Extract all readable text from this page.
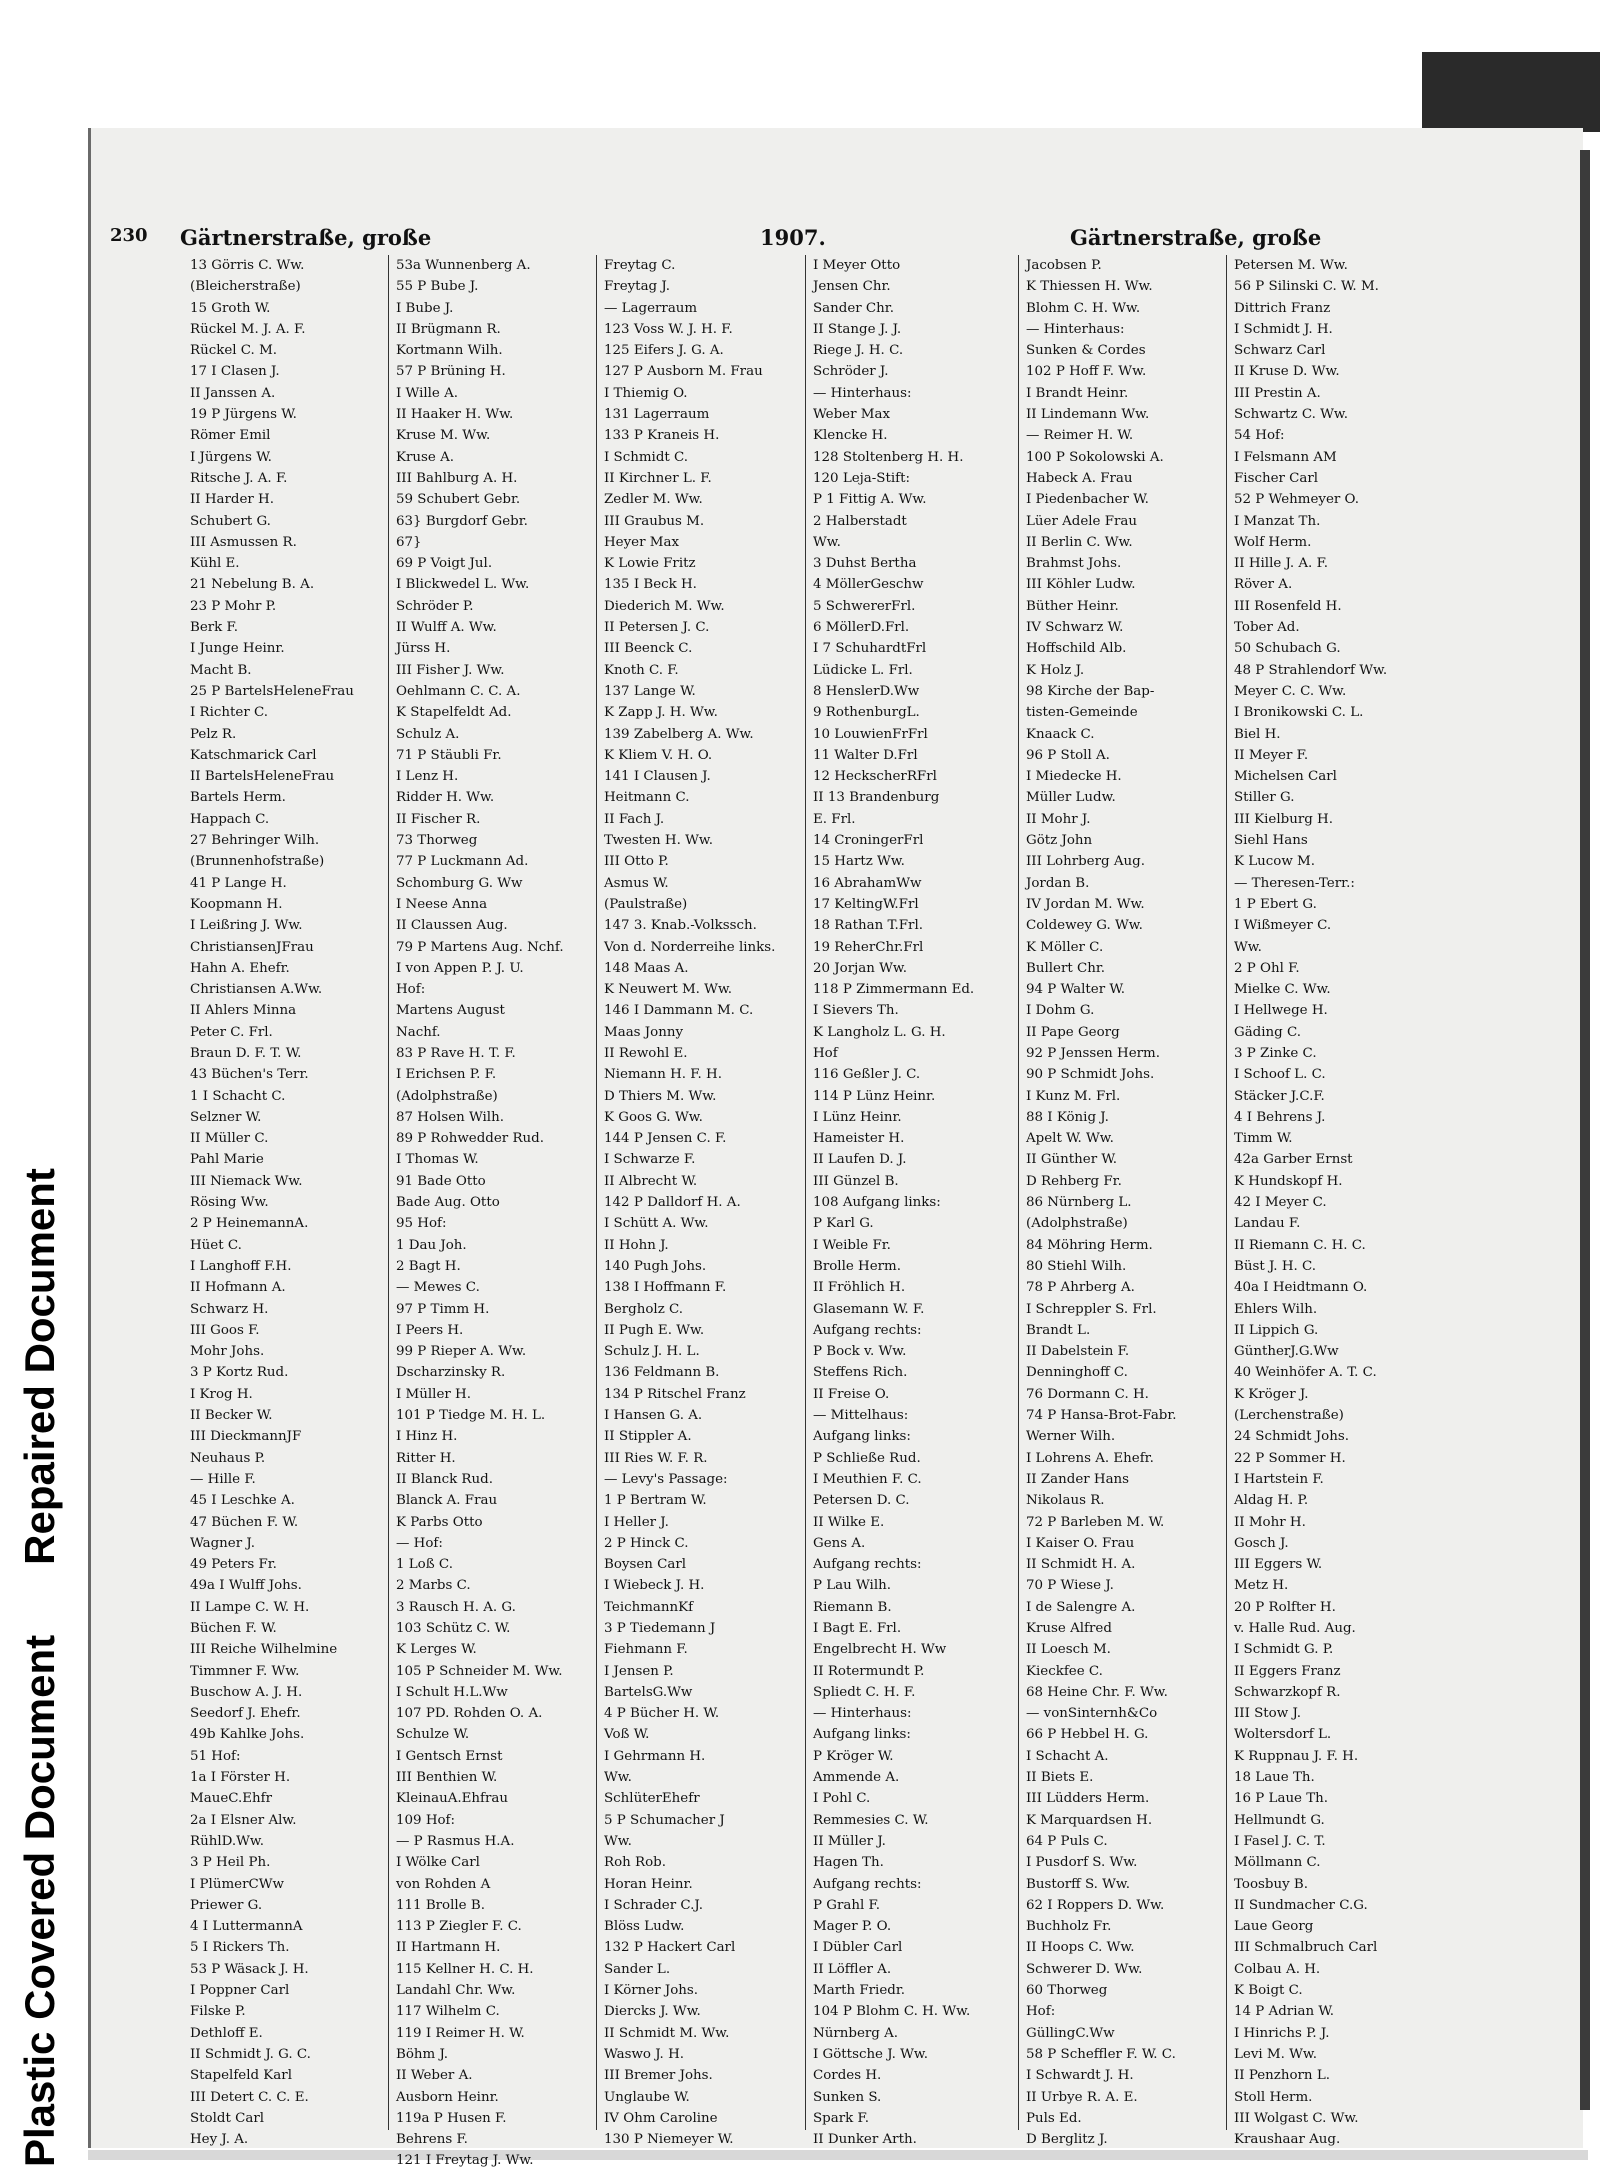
Plastic Covered Document
Repaired Document
230 Gärtnerstraße, große	1907.	Gärtnerstraße, große
13 Görris C. Ww.
(Bleicherstraße)
15 Groth W.
Rückel M. J. A. F.
Rückel C. M.
17 I Clasen J.
II Janssen A.
19 P Jürgens W.
Römer Emil
I Jürgens W.
Ritsche J. A. F.
II Harder H.
Schubert G.
III Asmussen R.
Kühl E.
21 Nebelung B. A.
23 P Mohr P.
Berk F.
I Junge Heinr.
Macht B.
25 P BartelsHeleneFrau
I Richter C.
Pelz R.
Katschmarick Carl
II BartelsHeleneFrau
Bartels Herm.
Happach C.
27 Behringer Wilh.
(Brunnenhofstraße)
41 P Lange H.
Koopmann H.
I Leißring J. Ww.
ChristiansenJFrau
Hahn A. Ehefr.
Christiansen A.Ww.
II Ahlers Minna
Peter C. Frl.
Braun D. F. T. W.
43 Büchen's Terr.
1 I Schacht C.
Selzner W.
II Müller C.
Pahl Marie
III Niemack Ww.
Rösing Ww.
2 P HeinemannA.
Hüet C.
I Langhoff F.H.
II Hofmann A.
Schwarz H.
III Goos F.
Mohr Johs.
3 P Kortz Rud.
I Krog H.
II Becker W.
III DieckmannJF
Neuhaus P.
— Hille F.
45 I Leschke A.
47 Büchen F. W.
Wagner J.
49 Peters Fr.
49a I Wulff Johs.
II Lampe C. W. H.
Büchen F. W.
III Reiche Wilhelmine
Timmner F. Ww.
Buschow A. J. H.
Seedorf J. Ehefr.
49b Kahlke Johs.
51 Hof:
1a I Förster H.
MaueC.Ehfr
2a I Elsner Alw.
RühlD.Ww.
3 P Heil Ph.
I PlümerCWw
Priewer G.
4 I LuttermannA
5 I Rickers Th.
53 P Wäsack J. H.
I Poppner Carl
Filske P.
Dethloff E.
II Schmidt J. G. C.
Stapelfeld Karl
III Detert C. C. E.
Stoldt Carl
Hey J. A.
53a Wunnenberg A.
55 P Bube J.
I Bube J.
II Brügmann R.
Kortmann Wilh.
57 P Brüning H.
I Wille A.
II Haaker H. Ww.
Kruse M. Ww.
Kruse A.
III Bahlburg A. H.
59 Schubert Gebr.
63} Burgdorf Gebr.
67}
69 P Voigt Jul.
I Blickwedel L. Ww.
Schröder P.
II Wulff A. Ww.
Jürss H.
III Fisher J. Ww.
Oehlmann C. C. A.
K Stapelfeldt Ad.
Schulz A.
71 P Stäubli Fr.
I Lenz H.
Ridder H. Ww.
II Fischer R.
73 Thorweg
77 P Luckmann Ad.
Schomburg G. Ww
I Neese Anna
II Claussen Aug.
79 P Martens Aug. Nchf.
I von Appen P. J. U.
Hof:
Martens August
Nachf.
83 P Rave H. T. F.
I Erichsen P. F.
(Adolphstraße)
87 Holsen Wilh.
89 P Rohwedder Rud.
I Thomas W.
91 Bade Otto
Bade Aug. Otto
95 Hof:
1 Dau Joh.
2 Bagt H.
— Mewes C.
97 P Timm H.
I Peers H.
99 P Rieper A. Ww.
Dscharzinsky R.
I Müller H.
101 P Tiedge M. H. L.
I Hinz H.
Ritter H.
II Blanck Rud.
Blanck A. Frau
K Parbs Otto
— Hof:
1 Loß C.
2 Marbs C.
3 Rausch H. A. G.
103 Schütz C. W.
K Lerges W.
105 P Schneider M. Ww.
I Schult H.L.Ww
107 PD. Rohden O. A.
Schulze W.
I Gentsch Ernst
III Benthien W.
KleinauA.Ehfrau
109 Hof:
— P Rasmus H.A.
I Wölke Carl
von Rohden A
111 Brolle B.
113 P Ziegler F. C.
II Hartmann H.
115 Kellner H. C. H.
Landahl Chr. Ww.
117 Wilhelm C.
119 I Reimer H. W.
Böhm J.
II Weber A.
Ausborn Heinr.
119a P Husen F.
Behrens F.
121 I Freytag J. Ww.
Freytag C.
Freytag J.
— Lagerraum
123 Voss W. J. H. F.
125 Eifers J. G. A.
127 P Ausborn M. Frau
I Thiemig O.
131 Lagerraum
133 P Kraneis H.
I Schmidt C.
II Kirchner L. F.
Zedler M. Ww.
III Graubus M.
Heyer Max
K Lowie Fritz
135 I Beck H.
Diederich M. Ww.
II Petersen J. C.
III Beenck C.
Knoth C. F.
137 Lange W.
K Zapp J. H. Ww.
139 Zabelberg A. Ww.
K Kliem V. H. O.
141 I Clausen J.
Heitmann C.
II Fach J.
Twesten H. Ww.
III Otto P.
Asmus W.
(Paulstraße)
147 3. Knab.-Volkssch.
Von d. Norderreihe links.
148 Maas A.
K Neuwert M. Ww.
146 I Dammann M. C.
Maas Jonny
II Rewohl E.
Niemann H. F. H.
D Thiers M. Ww.
K Goos G. Ww.
144 P Jensen C. F.
I Schwarze F.
II Albrecht W.
142 P Dalldorf H. A.
I Schütt A. Ww.
II Hohn J.
140 Pugh Johs.
138 I Hoffmann F.
Bergholz C.
II Pugh E. Ww.
Schulz J. H. L.
136 Feldmann B.
134 P Ritschel Franz
I Hansen G. A.
II Stippler A.
III Ries W. F. R.
— Levy's Passage:
1 P Bertram W.
I Heller J.
2 P Hinck C.
Boysen Carl
I Wiebeck J. H.
TeichmannKf
3 P Tiedemann J
Fiehmann F.
I Jensen P.
BartelsG.Ww
4 P Bücher H. W.
Voß W.
I Gehrmann H.
Ww.
SchlüterEhefr
5 P Schumacher J
Ww.
Roh Rob.
Horan Heinr.
I Schrader C.J.
Blöss Ludw.
132 P Hackert Carl
Sander L.
I Körner Johs.
Diercks J. Ww.
II Schmidt M. Ww.
Waswo J. H.
III Bremer Johs.
Unglaube W.
IV Ohm Caroline
130 P Niemeyer W.
I Meyer Otto
Jensen Chr.
Sander Chr.
II Stange J. J.
Riege J. H. C.
Schröder J.
— Hinterhaus:
Weber Max
Klencke H.
128 Stoltenberg H. H.
120 Leja-Stift:
P 1 Fittig A. Ww.
2 Halberstadt
Ww.
3 Duhst Bertha
4 MöllerGeschw
5 SchwererFrl.
6 MöllerD.Frl.
I 7 SchuhardtFrl
Lüdicke L. Frl.
8 HenslerD.Ww
9 RothenburgL.
10 LouwienFrFrl
11 Walter D.Frl
12 HeckscherRFrl
II 13 Brandenburg
E. Frl.
14 CroningerFrl
15 Hartz Ww.
16 AbrahamWw
17 KeltingW.Frl
18 Rathan T.Frl.
19 ReherChr.Frl
20 Jorjan Ww.
118 P Zimmermann Ed.
I Sievers Th.
K Langholz L. G. H.
Hof
116 Geßler J. C.
114 P Lünz Heinr.
I Lünz Heinr.
Hameister H.
II Laufen D. J.
III Günzel B.
108 Aufgang links:
P Karl G.
I Weible Fr.
Brolle Herm.
II Fröhlich H.
Glasemann W. F.
Aufgang rechts:
P Bock v. Ww.
Steffens Rich.
II Freise O.
— Mittelhaus:
Aufgang links:
P Schließe Rud.
I Meuthien F. C.
Petersen D. C.
II Wilke E.
Gens A.
Aufgang rechts:
P Lau Wilh.
Riemann B.
I Bagt E. Frl.
Engelbrecht H. Ww
II Rotermundt P.
Spliedt C. H. F.
— Hinterhaus:
Aufgang links:
P Kröger W.
Ammende A.
I Pohl C.
Remmesies C. W.
II Müller J.
Hagen Th.
Aufgang rechts:
P Grahl F.
Mager P. O.
I Dübler Carl
II Löffler A.
Marth Friedr.
104 P Blohm C. H. Ww.
Nürnberg A.
I Göttsche J. Ww.
Cordes H.
Sunken S.
Spark F.
II Dunker Arth.
Jacobsen P.
K Thiessen H. Ww.
Blohm C. H. Ww.
— Hinterhaus:
Sunken & Cordes
102 P Hoff F. Ww.
I Brandt Heinr.
II Lindemann Ww.
— Reimer H. W.
100 P Sokolowski A.
Habeck A. Frau
I Piedenbacher W.
Lüer Adele Frau
II Berlin C. Ww.
Brahmst Johs.
III Köhler Ludw.
Büther Heinr.
IV Schwarz W.
Hoffschild Alb.
K Holz J.
98 Kirche der Bap-
tisten-Gemeinde
Knaack C.
96 P Stoll A.
I Miedecke H.
Müller Ludw.
II Mohr J.
Götz John
III Lohrberg Aug.
Jordan B.
IV Jordan M. Ww.
Coldewey G. Ww.
K Möller C.
Bullert Chr.
94 P Walter W.
I Dohm G.
II Pape Georg
92 P Jenssen Herm.
90 P Schmidt Johs.
I Kunz M. Frl.
88 I König J.
Apelt W. Ww.
II Günther W.
D Rehberg Fr.
86 Nürnberg L.
(Adolphstraße)
84 Möhring Herm.
80 Stiehl Wilh.
78 P Ahrberg A.
I Schreppler S. Frl.
Brandt L.
II Dabelstein F.
Denninghoff C.
76 Dormann C. H.
74 P Hansa-Brot-Fabr.
Werner Wilh.
I Lohrens A. Ehefr.
II Zander Hans
Nikolaus R.
72 P Barleben M. W.
I Kaiser O. Frau
II Schmidt H. A.
70 P Wiese J.
I de Salengre A.
Kruse Alfred
II Loesch M.
Kieckfee C.
68 Heine Chr. F. Ww.
— vonSinternh&Co
66 P Hebbel H. G.
I Schacht A.
II Biets E.
III Lüdders Herm.
K Marquardsen H.
64 P Puls C.
I Pusdorf S. Ww.
Bustorff S. Ww.
62 I Roppers D. Ww.
Buchholz Fr.
II Hoops C. Ww.
Schwerer D. Ww.
60 Thorweg
Hof:
GüllingC.Ww
58 P Scheffler F. W. C.
I Schwardt J. H.
II Urbye R. A. E.
Puls Ed.
D Berglitz J.
Petersen M. Ww.
56 P Silinski C. W. M.
Dittrich Franz
I Schmidt J. H.
Schwarz Carl
II Kruse D. Ww.
III Prestin A.
Schwartz C. Ww.
54 Hof:
I Felsmann AM
Fischer Carl
52 P Wehmeyer O.
I Manzat Th.
Wolf Herm.
II Hille J. A. F.
Röver A.
III Rosenfeld H.
Tober Ad.
50 Schubach G.
48 P Strahlendorf Ww.
Meyer C. C. Ww.
I Bronikowski C. L.
Biel H.
II Meyer F.
Michelsen Carl
Stiller G.
III Kielburg H.
Siehl Hans
K Lucow M.
— Theresen-Terr.:
1 P Ebert G.
I Wißmeyer C.
Ww.
2 P Ohl F.
Mielke C. Ww.
I Hellwege H.
Gäding C.
3 P Zinke C.
I Schoof L. C.
Stäcker J.C.F.
4 I Behrens J.
Timm W.
42a Garber Ernst
K Hundskopf H.
42 I Meyer C.
Landau F.
II Riemann C. H. C.
Büst J. H. C.
40a I Heidtmann O.
Ehlers Wilh.
II Lippich G.
GüntherJ.G.Ww
40 Weinhöfer A. T. C.
K Kröger J.
(Lerchenstraße)
24 Schmidt Johs.
22 P Sommer H.
I Hartstein F.
Aldag H. P.
II Mohr H.
Gosch J.
III Eggers W.
Metz H.
20 P Rolfter H.
v. Halle Rud. Aug.
I Schmidt G. P.
II Eggers Franz
Schwarzkopf R.
III Stow J.
Woltersdorf L.
K Ruppnau J. F. H.
18 Laue Th.
16 P Laue Th.
Hellmundt G.
I Fasel J. C. T.
Möllmann C.
Toosbuy B.
II Sundmacher C.G.
Laue Georg
III Schmalbruch Carl
Colbau A. H.
K Boigt C.
14 P Adrian W.
I Hinrichs P. J.
Levi M. Ww.
II Penzhorn L.
Stoll Herm.
III Wolgast C. Ww.
Kraushaar Aug.
